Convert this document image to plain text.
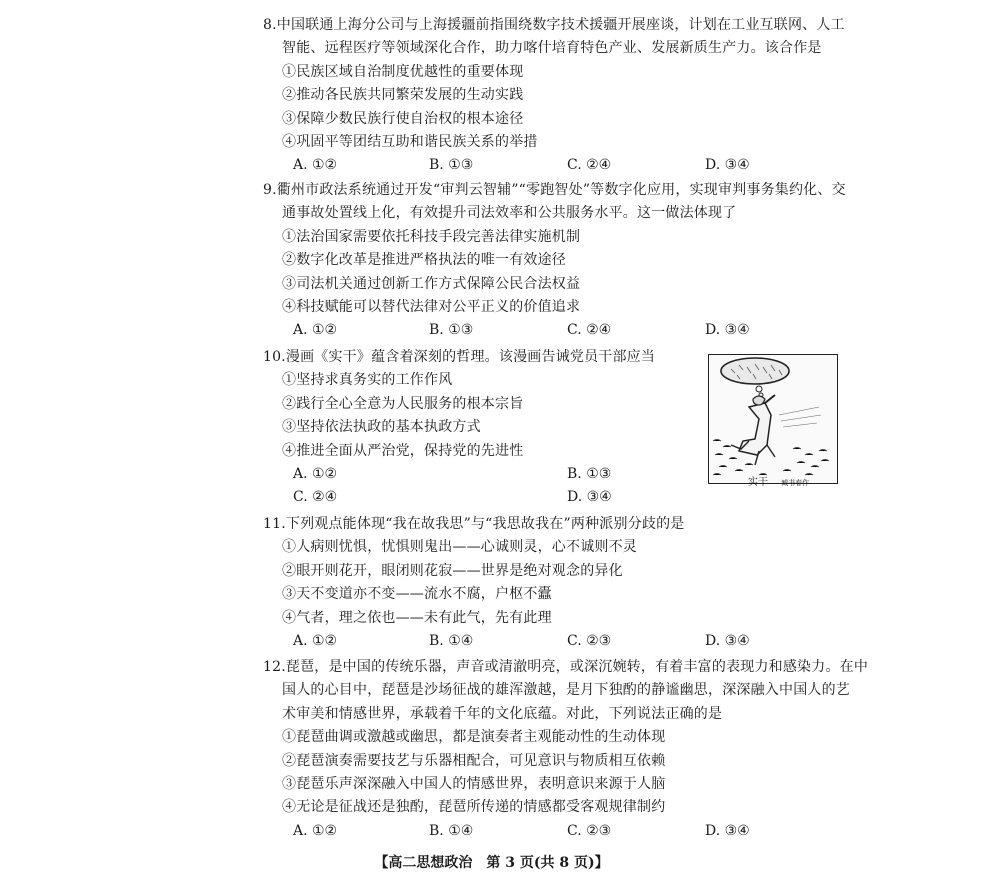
8.中国联通上海分公司与上海援疆前指围绕数字技术援疆开展座谈，计划在工业互联网、人工
智能、远程医疗等领域深化合作，助力喀什培育特色产业、发展新质生产力。该合作是
①民族区域自治制度优越性的重要体现
②推动各民族共同繁荣发展的生动实践
③保障少数民族行使自治权的根本途径
④巩固平等团结互助和谐民族关系的举措
A. ①②	B. ①③	C. ②④	D. ③④
9.衢州市政法系统通过开发“审判云智辅”“零跑智处”等数字化应用，实现审判事务集约化、交
通事故处置线上化，有效提升司法效率和公共服务水平。这一做法体现了
①法治国家需要依托科技手段完善法律实施机制
②数字化改革是推进严格执法的唯一有效途径
③司法机关通过创新工作方式保障公民合法权益
④科技赋能可以替代法律对公平正义的价值追求
A. ①②	B. ①③	C. ②④	D. ③④
10.漫画《实干》蕴含着深刻的哲理。该漫画告诫党员干部应当
①坚持求真务实的工作作风
②践行全心全意为人民服务的根本宗旨
③坚持依法执政的基本执政方式
④推进全面从严治党，保持党的先进性
A. ①②	B. ①③
C. ②④	D. ③④
实干 臧书春作
11.下列观点能体现“我在故我思”与“我思故我在”两种派别分歧的是
①人病则忧惧，忧惧则鬼出——心诚则灵，心不诚则不灵
②眼开则花开，眼闭则花寂——世界是绝对观念的异化
③天不变道亦不变——流水不腐，户枢不蠹
④气者，理之依也——未有此气，先有此理
A. ①②	B. ①④	C. ②③	D. ③④
12.琵琶，是中国的传统乐器，声音或清澈明亮，或深沉婉转，有着丰富的表现力和感染力。在中
国人的心目中，琵琶是沙场征战的雄浑激越，是月下独酌的静谧幽思，深深融入中国人的艺
术审美和情感世界，承载着千年的文化底蕴。对此，下列说法正确的是
①琵琶曲调或激越或幽思，都是演奏者主观能动性的生动体现
②琵琶演奏需要技艺与乐器相配合，可见意识与物质相互依赖
③琵琶乐声深深融入中国人的情感世界，表明意识来源于人脑
④无论是征战还是独酌，琵琶所传递的情感都受客观规律制约
A. ①②	B. ①④	C. ②③	D. ③④
【高二思想政治　第 3 页(共 8 页)】
